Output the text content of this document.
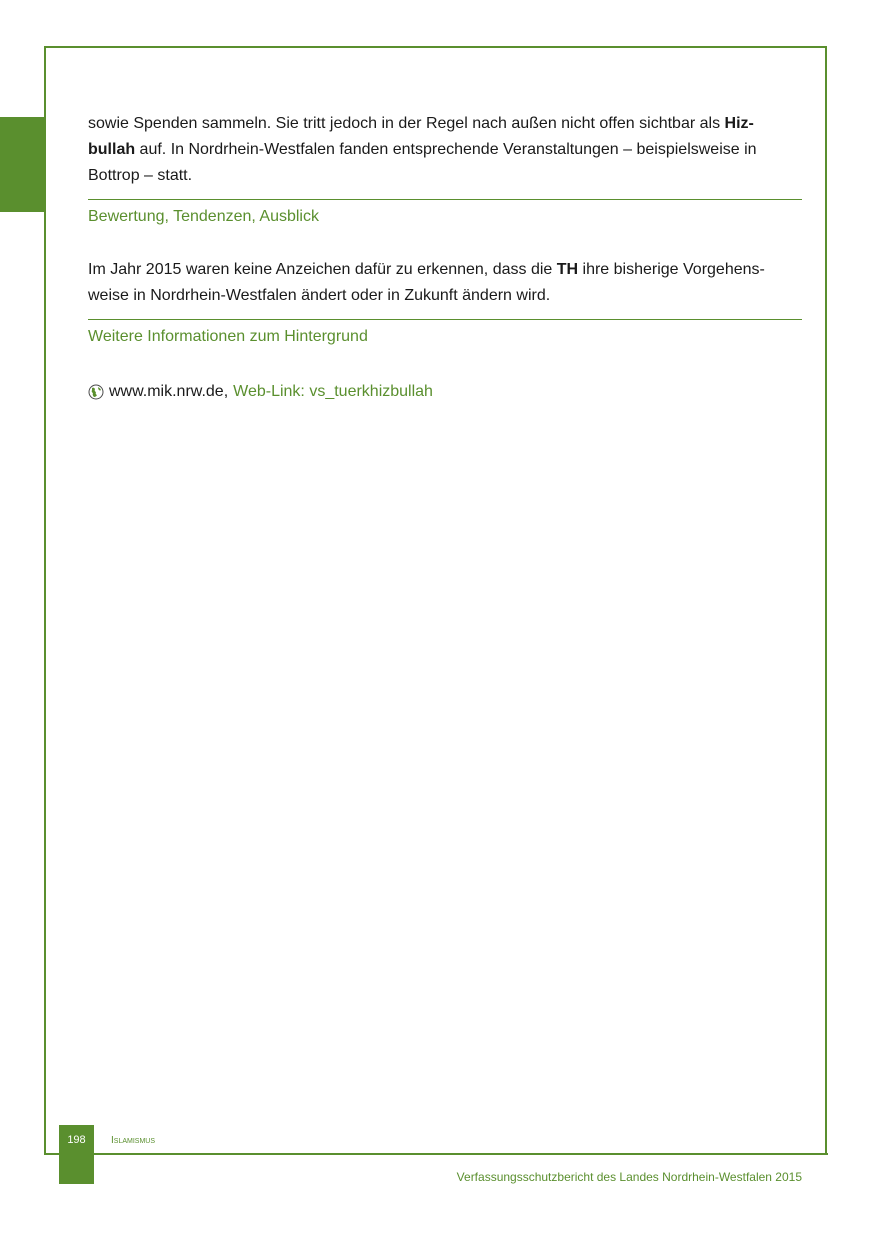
sowie Spenden sammeln. Sie tritt jedoch in der Regel nach außen nicht offen sichtbar als Hiz-
bullah auf. In Nordrhein-Westfalen fanden entsprechende Veranstaltungen – beispielsweise in
Bottrop – statt.

Bewertung, Tendenzen, Ausblick

Im Jahr 2015 waren keine Anzeichen dafür zu erkennen, dass die TH ihre bisherige Vorgehens-
weise in Nordrhein-Westfalen ändert oder in Zukunft ändern wird.

Weitere Informationen zum Hintergrund

www.mik.nrw.de, Web-Link: vs_tuerkhizbullah
198	Islamismus
Verfassungsschutzbericht des Landes Nordrhein-Westfalen 2015
